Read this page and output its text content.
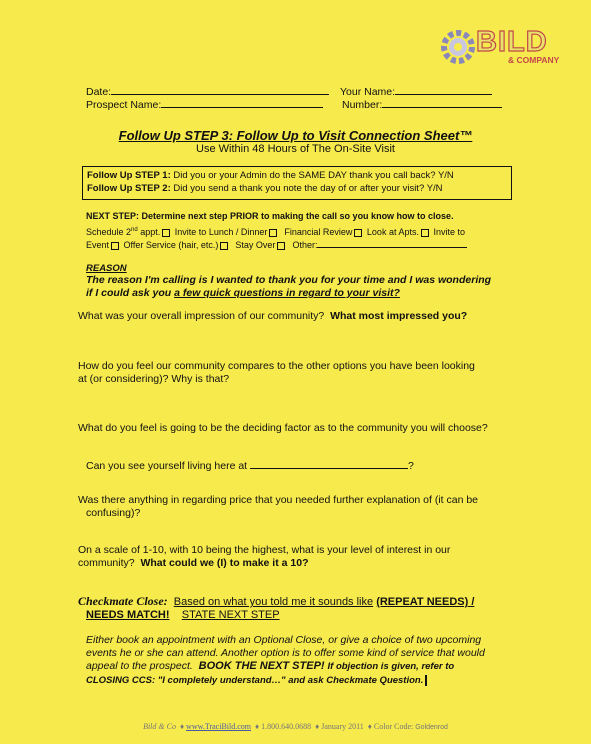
BILD
& COMPANY
Date:	Your Name:
Prospect Name:	Number:
Follow Up STEP 3: Follow Up to Visit Connection Sheet™
Use Within 48 Hours of The On-Site Visit
Follow Up STEP 1: Did you or your Admin do the SAME DAY thank you call back? Y/N
Follow Up STEP 2: Did you send a thank you note the day of or after your visit? Y/N
NEXT STEP: Determine next step PRIOR to making the call so you know how to close.
Schedule 2nd appt. Invite to Lunch / Dinner Financial Review Look at Apts. Invite to
Event Offer Service (hair, etc.) Stay Over Other:
REASON
The reason I'm calling is I wanted to thank you for your time and I was wondering
if I could ask you a few quick questions in regard to your visit?
What was your overall impression of our community? What most impressed you?
How do you feel our community compares to the other options you have been looking
at (or considering)? Why is that?
What do you feel is going to be the deciding factor as to the community you will choose?
Can you see yourself living here at	?
Was there anything in regarding price that you needed further explanation of (it can be
confusing)?
On a scale of 1-10, with 10 being the highest, what is your level of interest in our
community? What could we (I) to make it a 10?
Checkmate Close: Based on what you told me it sounds like (REPEAT NEEDS) /
NEEDS MATCH! STATE NEXT STEP
Either book an appointment with an Optional Close, or give a choice of two upcoming
events he or she can attend. Another option is to offer some kind of service that would
appeal to the prospect. BOOK THE NEXT STEP! If objection is given, refer to
CLOSING CCS: "I completely understand…" and ask Checkmate Question.
Bild & Co  ♦ www.TraciBild.com  ♦ 1.800.640.0688  ♦ January 2011  ♦ Color Code: Goldenrod
